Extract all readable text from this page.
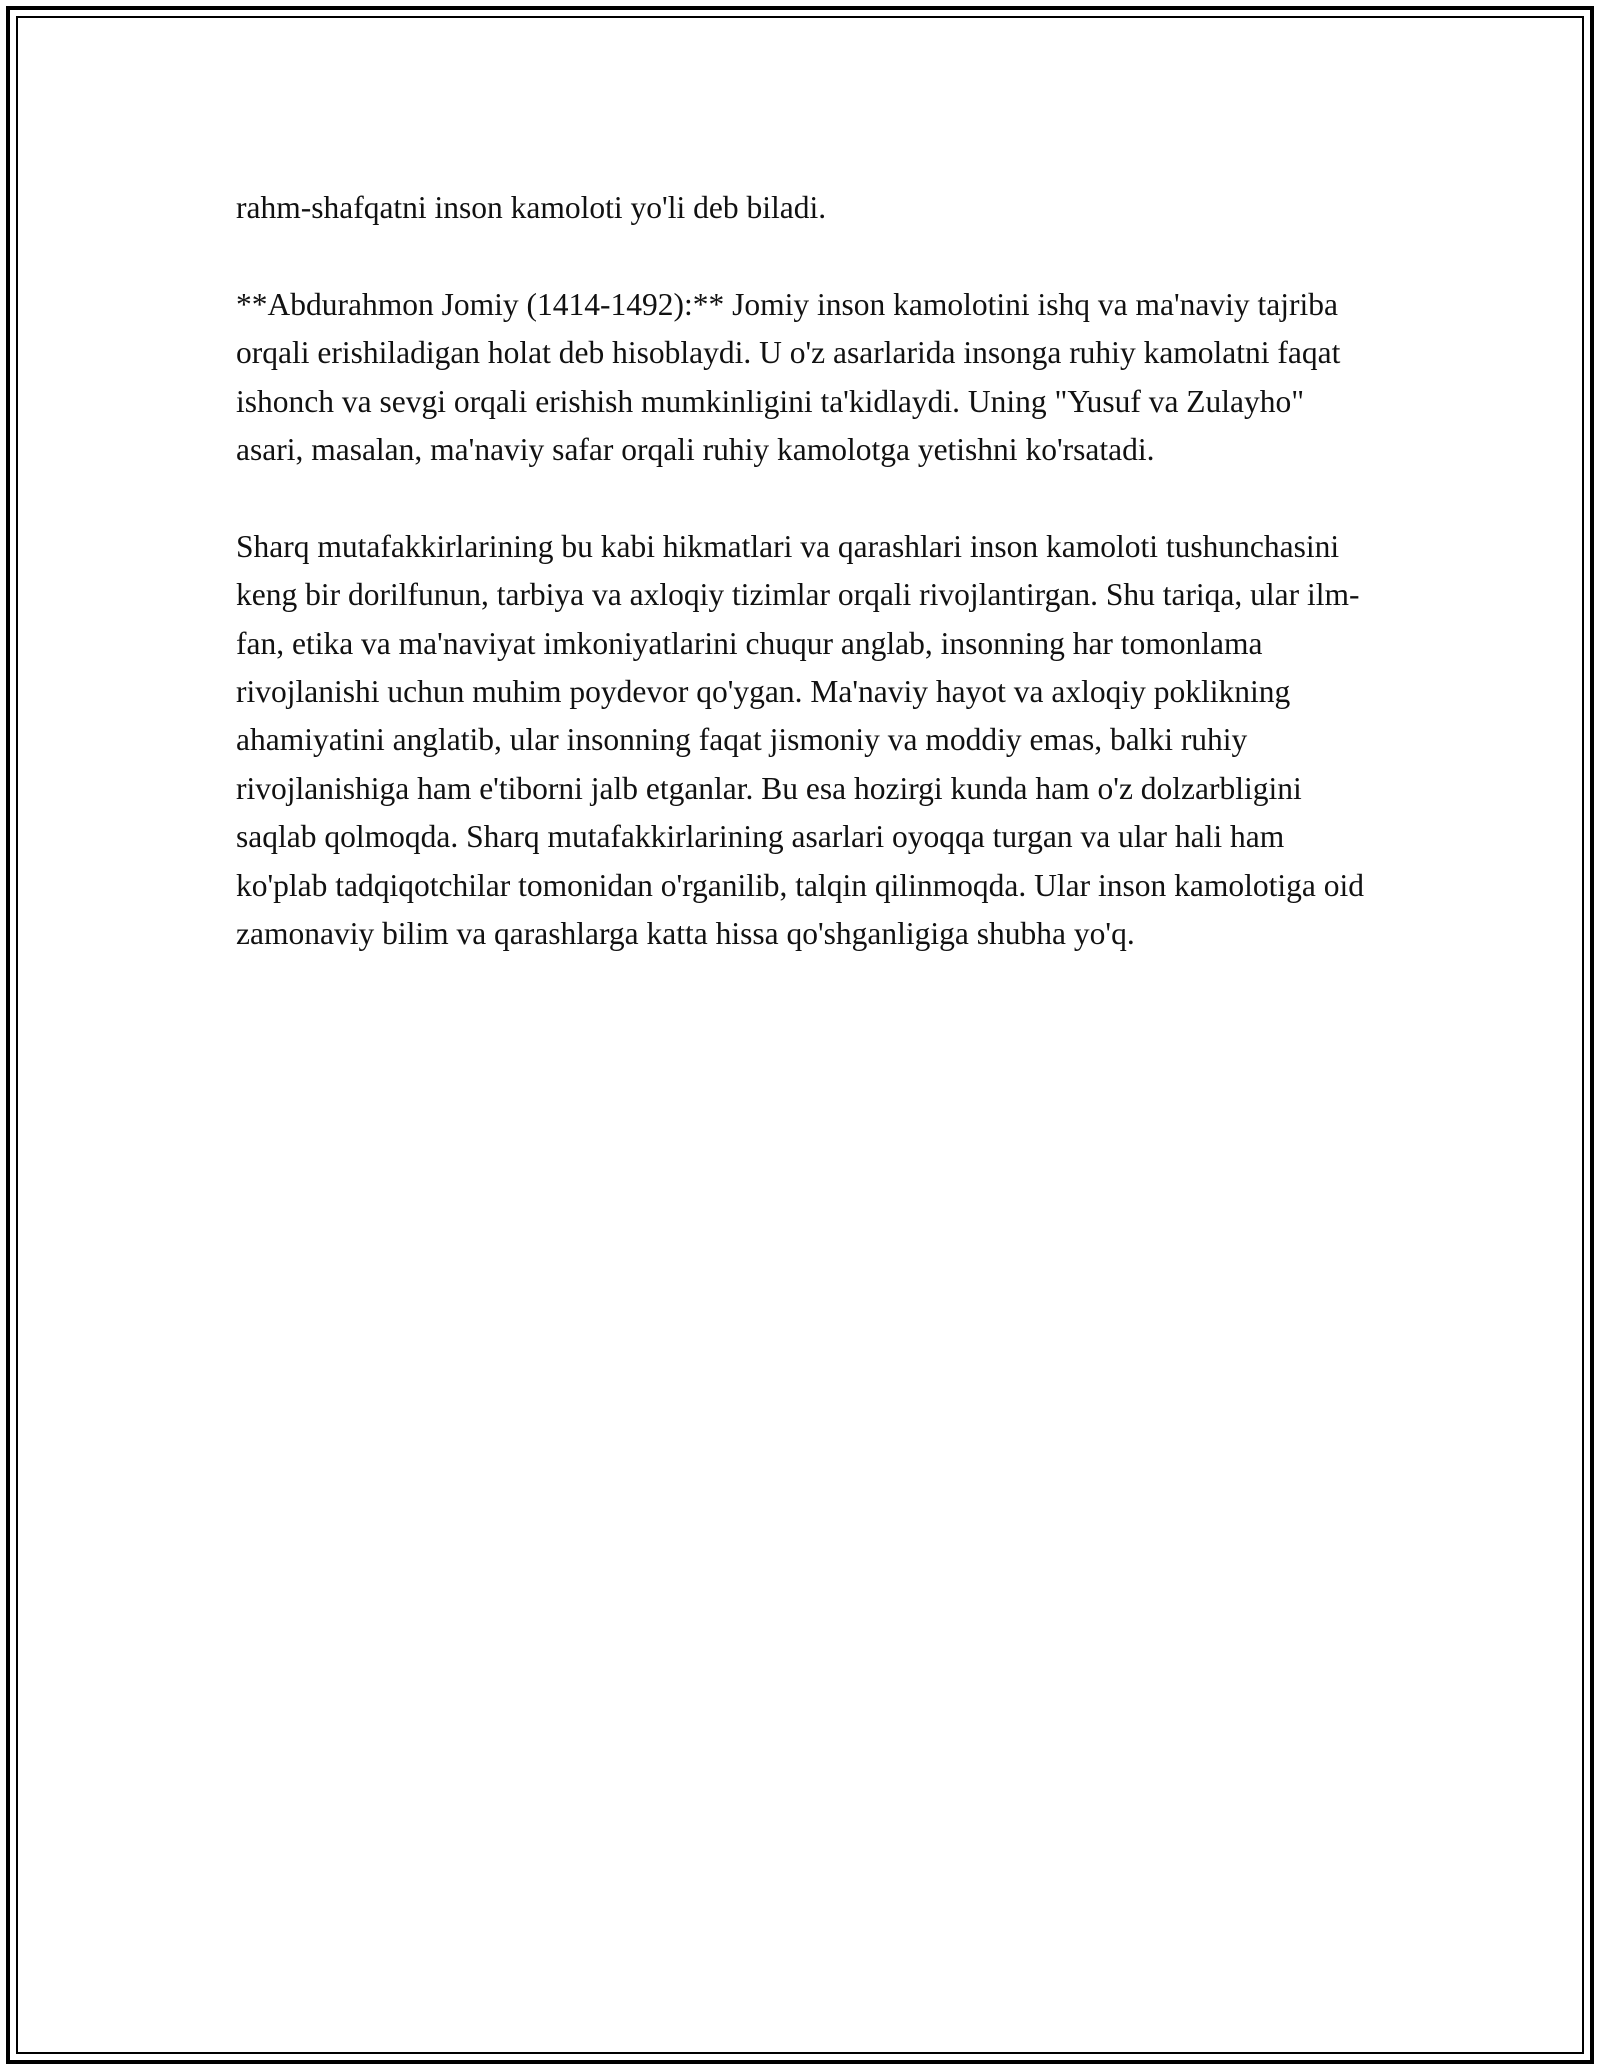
rahm-shafqatni inson kamoloti yo'li deb biladi.

**Abdurahmon Jomiy (1414-1492):** Jomiy inson kamolotini ishq va ma'naviy tajriba orqali erishiladigan holat deb hisoblaydi. U o'z asarlarida insonga ruhiy kamolatni faqat ishonch va sevgi orqali erishish mumkinligini ta'kidlaydi. Uning "Yusuf va Zulayho" asari, masalan, ma'naviy safar orqali ruhiy kamolotga yetishni ko'rsatadi.

Sharq mutafakkirlarining bu kabi hikmatlari va qarashlari inson kamoloti tushunchasini keng bir dorilfunun, tarbiya va axloqiy tizimlar orqali rivojlantirgan. Shu tariqa, ular ilm-fan, etika va ma'naviyat imkoniyatlarini chuqur anglab, insonning har tomonlama rivojlanishi uchun muhim poydevor qo'ygan. Ma'naviy hayot va axloqiy poklikning ahamiyatini anglatib, ular insonning faqat jismoniy va moddiy emas, balki ruhiy rivojlanishiga ham e'tiborni jalb etganlar. Bu esa hozirgi kunda ham o'z dolzarbligini saqlab qolmoqda. Sharq mutafakkirlarining asarlari oyoqqa turgan va ular hali ham ko'plab tadqiqotchilar tomonidan o'rganilib, talqin qilinmoqda. Ular inson kamolotiga oid zamonaviy bilim va qarashlarga katta hissa qo'shganligiga shubha yo'q.
